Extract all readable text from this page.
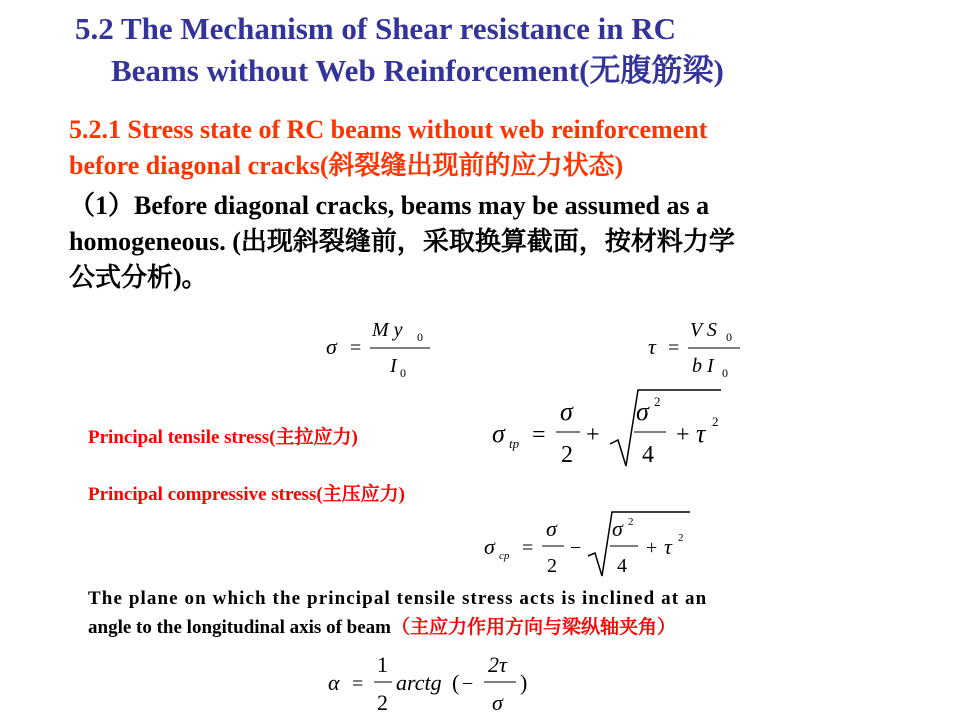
5.2 The Mechanism of Shear resistance in RC
Beams without Web Reinforcement(无腹筋梁)
5.2.1 Stress state of RC beams without web reinforcement
before diagonal cracks(斜裂缝出现前的应力状态)
（1）Before diagonal cracks, beams may be assumed as a
homogeneous. (出现斜裂缝前，采取换算截面，按材料力学
公式分析)。
σ =
M y 0
I 0
τ =
V S 0
b I 0
Principal tensile stress(主拉应力)	σ tp =
σ
2
+
σ 2
4
+ τ 2
Principal compressive stress(主压应力)
σ cp =
σ
2
−
σ 2
4
+ τ 2
The plane on which the principal tensile stress acts is inclined at an
angle to the longitudinal axis of beam（主应力作用方向与梁纵轴夹角）
α =
1
2
arctg ( −
2τ
σ
)
